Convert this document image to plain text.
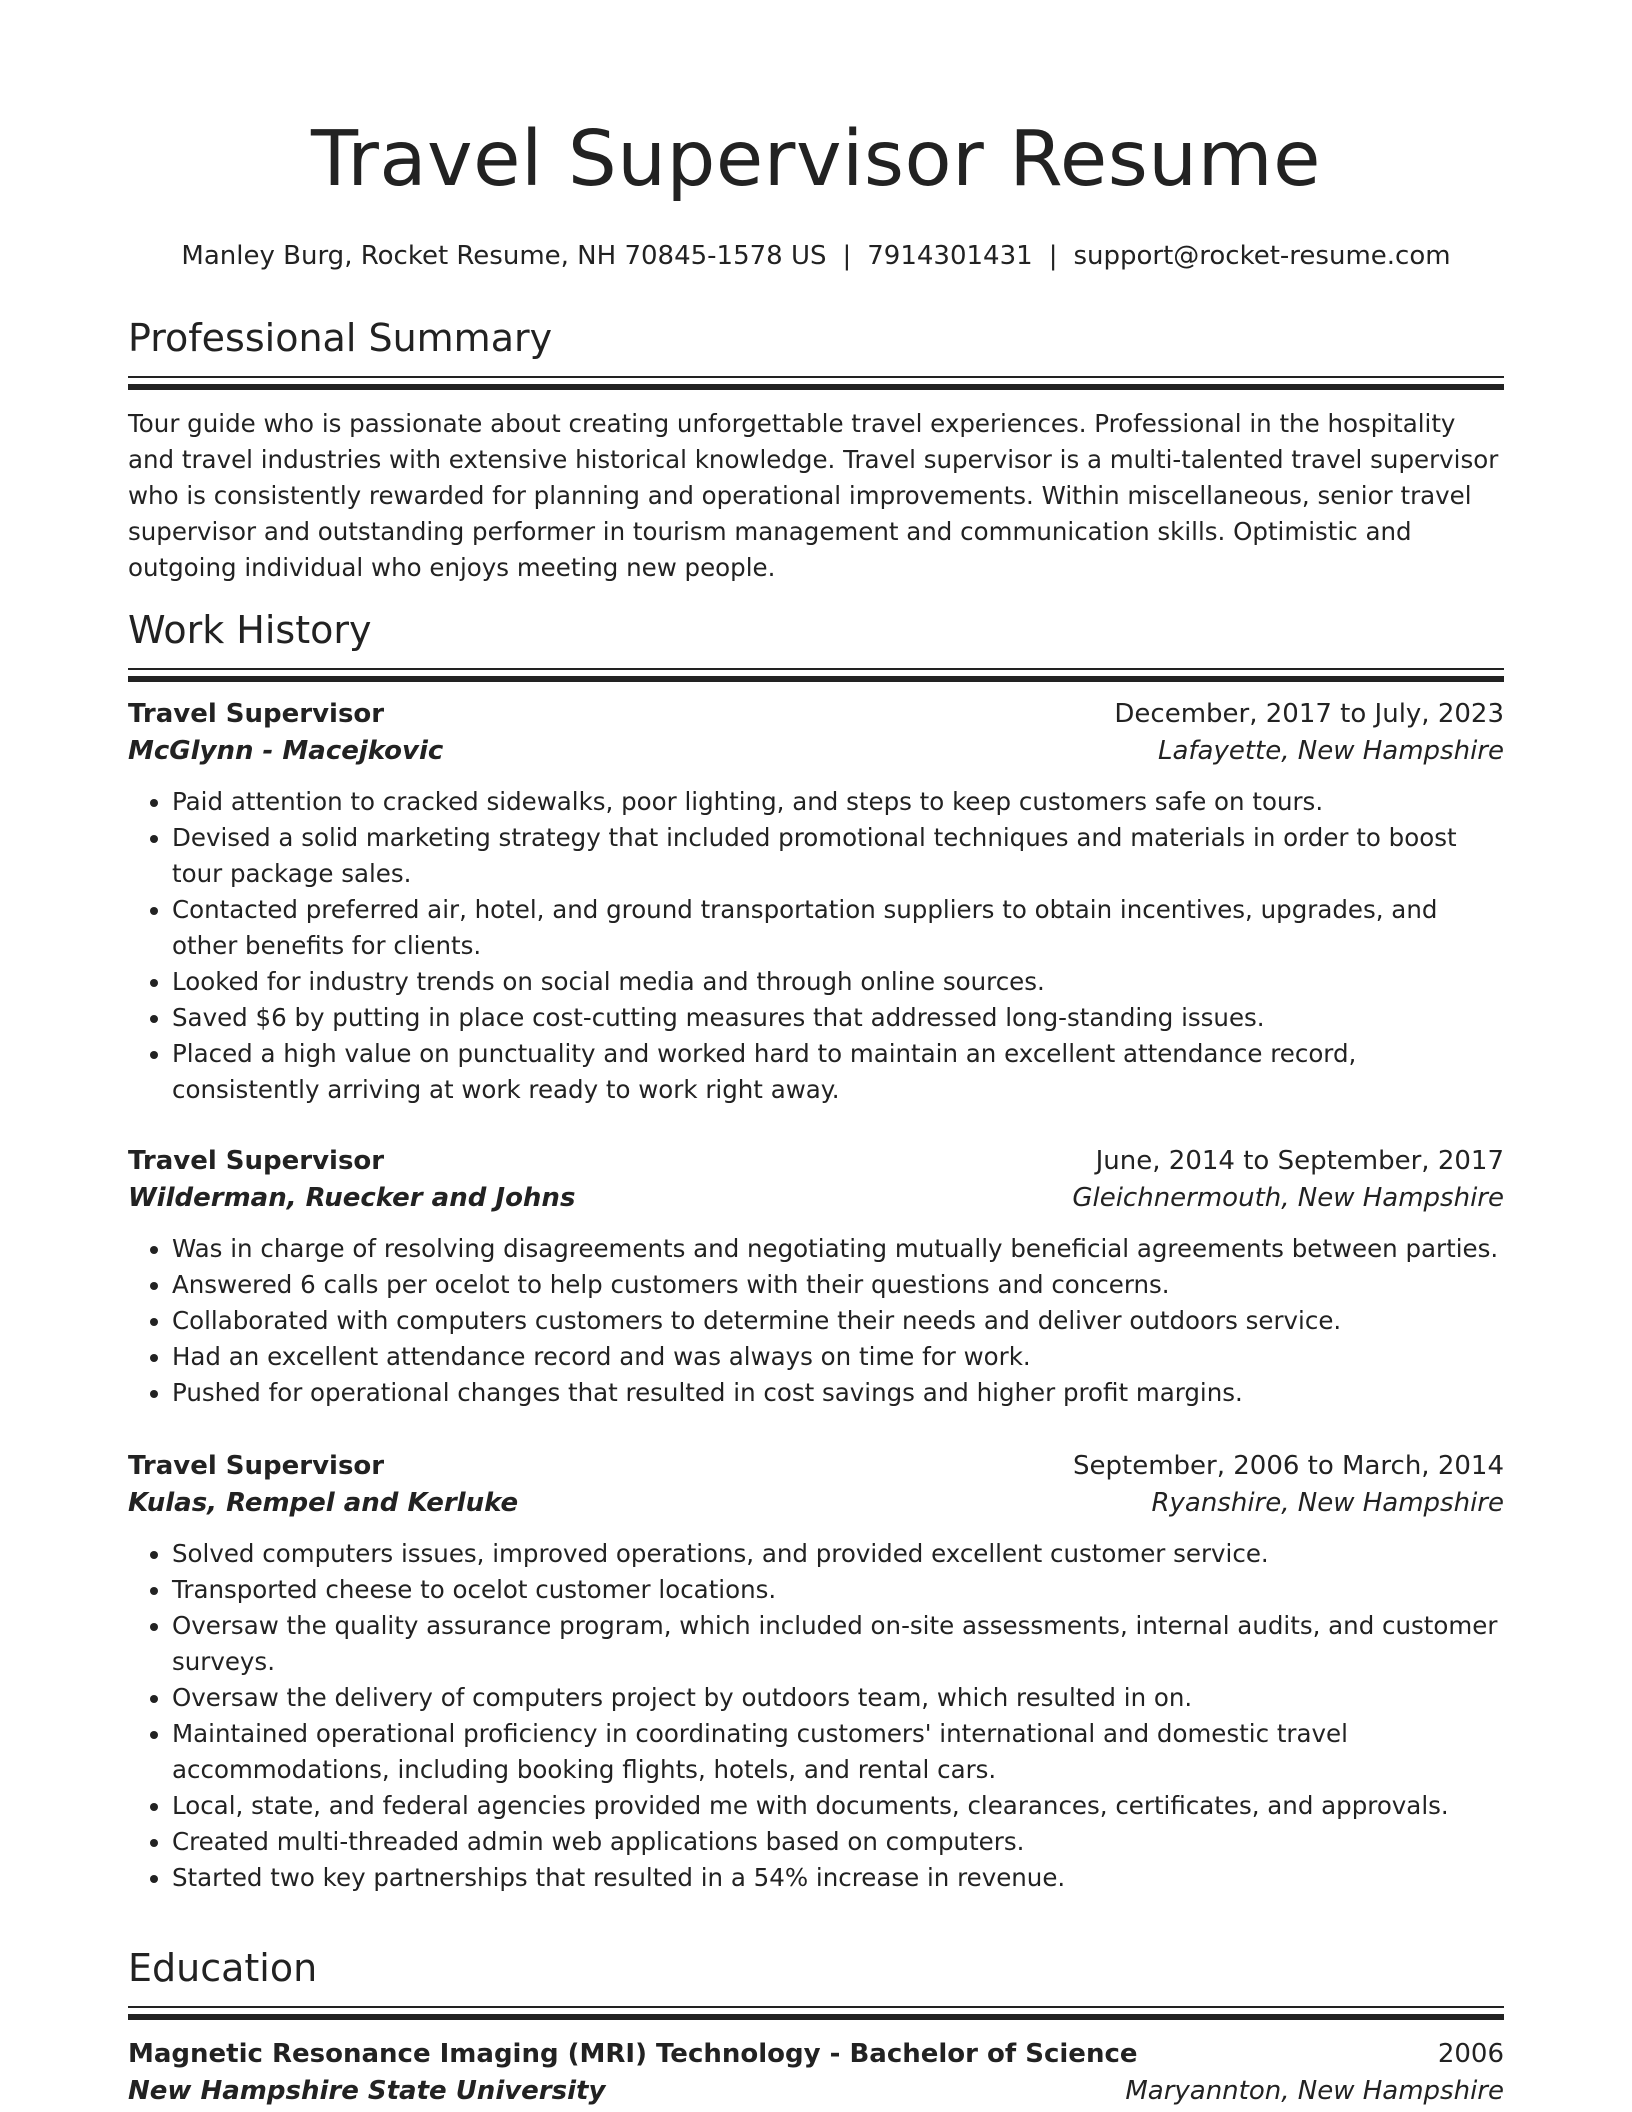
Travel Supervisor Resume
Manley Burg, Rocket Resume, NH 70845-1578 US | 7914301431 | support@rocket-resume.com
Professional Summary

Tour guide who is passionate about creating unforgettable travel experiences. Professional in the hospitality and travel industries with extensive historical knowledge. Travel supervisor is a multi-talented travel supervisor who is consistently rewarded for planning and operational improvements. Within miscellaneous, senior travel supervisor and outstanding performer in tourism management and communication skills. Optimistic and outgoing individual who enjoys meeting new people.

Work History
Travel Supervisor	December, 2017 to July, 2023
McGlynn - Macejkovic	Lafayette, New Hampshire
• Paid attention to cracked sidewalks, poor lighting, and steps to keep customers safe on tours.
• Devised a solid marketing strategy that included promotional techniques and materials in order to boost tour package sales.
• Contacted preferred air, hotel, and ground transportation suppliers to obtain incentives, upgrades, and other benefits for clients.
• Looked for industry trends on social media and through online sources.
• Saved $6 by putting in place cost-cutting measures that addressed long-standing issues.
• Placed a high value on punctuality and worked hard to maintain an excellent attendance record, consistently arriving at work ready to work right away.
Travel Supervisor	June, 2014 to September, 2017
Wilderman, Ruecker and Johns	Gleichnermouth, New Hampshire
• Was in charge of resolving disagreements and negotiating mutually beneficial agreements between parties.
• Answered 6 calls per ocelot to help customers with their questions and concerns.
• Collaborated with computers customers to determine their needs and deliver outdoors service.
• Had an excellent attendance record and was always on time for work.
• Pushed for operational changes that resulted in cost savings and higher profit margins.
Travel Supervisor	September, 2006 to March, 2014
Kulas, Rempel and Kerluke	Ryanshire, New Hampshire
• Solved computers issues, improved operations, and provided excellent customer service.
• Transported cheese to ocelot customer locations.
• Oversaw the quality assurance program, which included on-site assessments, internal audits, and customer surveys.
• Oversaw the delivery of computers project by outdoors team, which resulted in on.
• Maintained operational proficiency in coordinating customers' international and domestic travel accommodations, including booking flights, hotels, and rental cars.
• Local, state, and federal agencies provided me with documents, clearances, certificates, and approvals.
• Created multi-threaded admin web applications based on computers.
• Started two key partnerships that resulted in a 54% increase in revenue.
Education
Magnetic Resonance Imaging (MRI) Technology - Bachelor of Science	2006
New Hampshire State University	Maryannton, New Hampshire
